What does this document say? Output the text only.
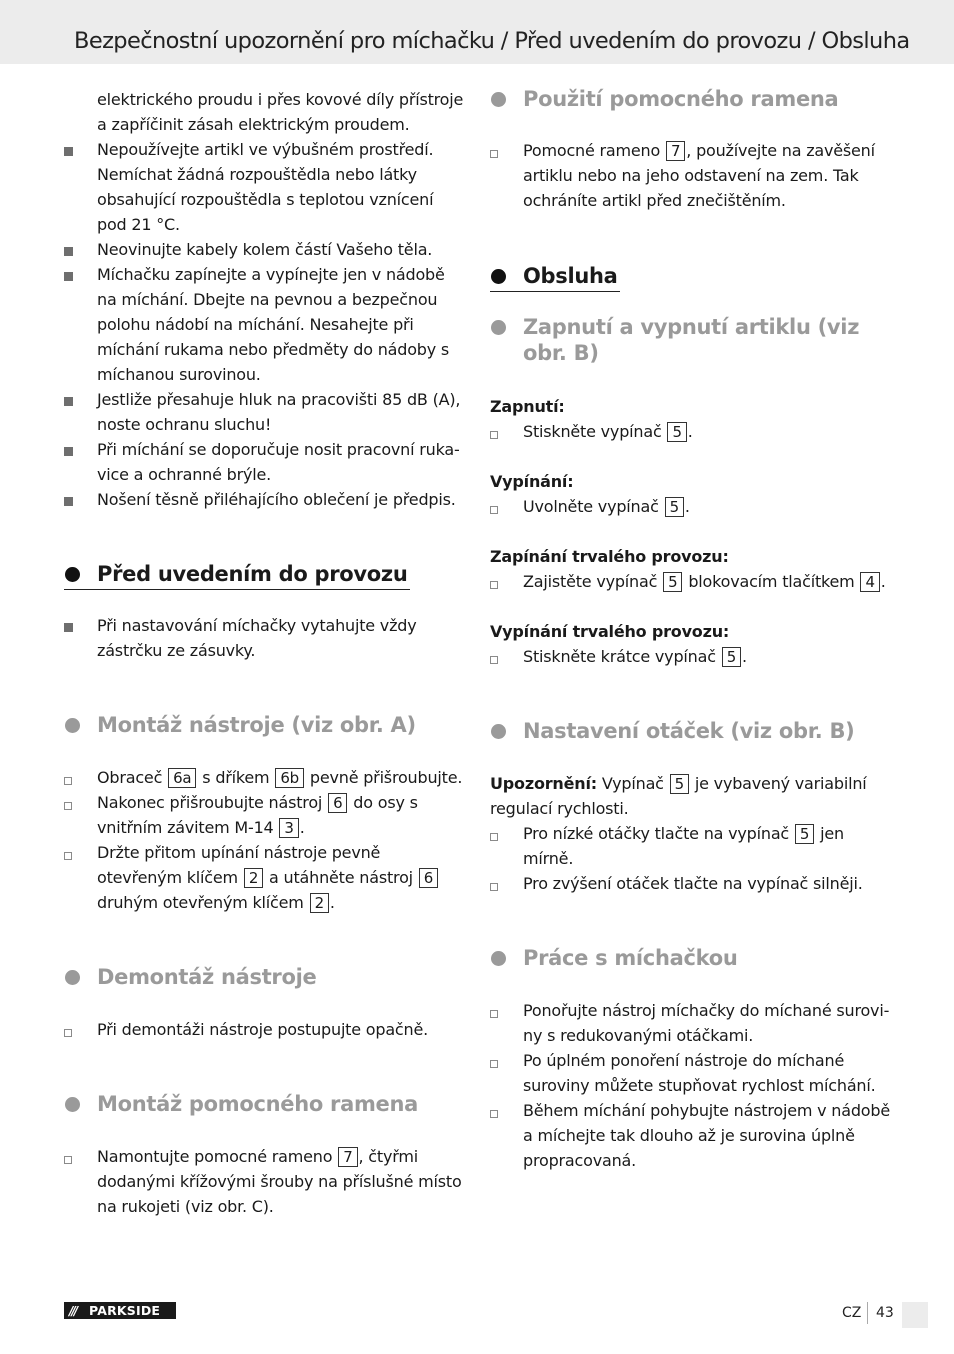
Bezpečnostní upozornění pro míchačku / Před uvedením do provozu / Obsluha
elektrického proudu i přes kovové díly přístroje a zapříčinit zásah elektrickým proudem.
Nepoužívejte artikl ve výbušném prostředí. Nemíchat žádná rozpouštědla nebo látky obsahující rozpouštědla s teplotou vznícení pod 21 °C.
Neovinujte kabely kolem částí Vašeho těla.
Míchačku zapínejte a vypínejte jen v nádobě na míchání. Dbejte na pevnou a bezpečnou polohu nádobí na míchání. Nesahejte při míchání rukama nebo předměty do nádoby s míchanou surovinou.
Jestliže přesahuje hluk na pracovišti 85 dB (A), noste ochranu sluchu!
Při míchání se doporučuje nosit pracovní ruka-vice a ochranné brýle.
Nošení těsně přiléhajícího oblečení je předpis.
Před uvedením do provozu
Při nastavování míchačky vytahujte vždy zástrčku ze zásuvky.
Montáž nástroje (viz obr. A)
Obraceč 6a s dříkem 6b pevně přišroubujte.
Nakonec přišroubujte nástroj 6 do osy s vnitřním závitem M-14 3 .
Držte přitom upínání nástroje pevně otevřeným klíčem 2 a utáhněte nástroj 6 druhým otevřeným klíčem 2 .
Demontáž nástroje
Při demontáži nástroje postupujte opačně.
Montáž pomocného ramena
Namontujte pomocné rameno 7 , čtyřmi dodanými křížovými šrouby na příslušné místo na rukojeti (viz obr. C).
Použití pomocného ramena
Pomocné rameno 7 , používejte na zavěšení artiklu nebo na jeho odstavení na zem. Tak ochráníte artikl před znečištěním.
Obsluha
Zapnutí a vypnutí artiklu (viz obr. B)
Zapnutí:
Stiskněte vypínač 5 .
Vypínání:
Uvolněte vypínač 5 .
Zapínání trvalého provozu:
Zajistěte vypínač 5 blokovacím tlačítkem 4 .
Vypínání trvalého provozu:
Stiskněte krátce vypínač 5 .
Nastavení otáček (viz obr. B)
Upozornění: Vypínač 5 je vybavený variabilní regulací rychlosti.
Pro nízké otáčky tlačte na vypínač 5 jen mírně.
Pro zvýšení otáček tlačte na vypínač silněji.
Práce s míchačkou
Ponořujte nástroj míchačky do míchané surovi-ny s redukovanými otáčkami.
Po úplném ponoření nástroje do míchané suroviny můžete stupňovat rychlost míchání.
Během míchání pohybujte nástrojem v nádobě a míchejte tak dlouho až je surovina úplně propracovaná.
/// PARKSIDE	CZ 43
